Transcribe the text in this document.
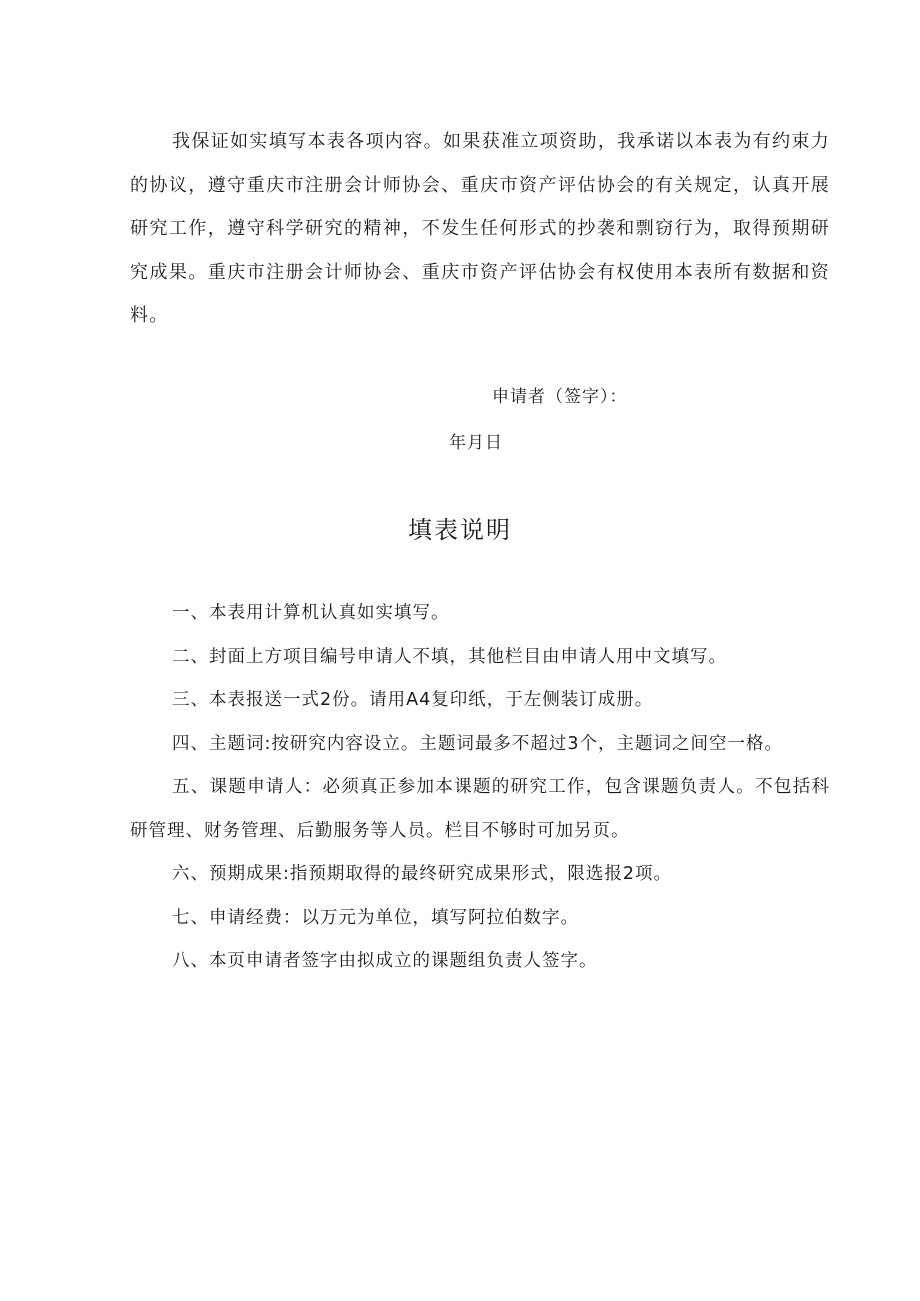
我保证如实填写本表各项内容。如果获准立项资助，我承诺以本表为有约束力的协议，遵守重庆市注册会计师协会、重庆市资产评估协会的有关规定，认真开展研究工作，遵守科学研究的精神，不发生任何形式的抄袭和剽窃行为，取得预期研究成果。重庆市注册会计师协会、重庆市资产评估协会有权使用本表所有数据和资料。

申请者（签字）：
年月日
填表说明
一、本表用计算机认真如实填写。
二、封面上方项目编号申请人不填，其他栏目由申请人用中文填写。
三、本表报送一式2份。请用A4复印纸，于左侧装订成册。
四、主题词:按研究内容设立。主题词最多不超过3个，主题词之间空一格。
五、课题申请人：必须真正参加本课题的研究工作，包含课题负责人。不包括科研管理、财务管理、后勤服务等人员。栏目不够时可加另页。
六、预期成果:指预期取得的最终研究成果形式，限选报2项。
七、申请经费：以万元为单位，填写阿拉伯数字。
八、本页申请者签字由拟成立的课题组负责人签字。
